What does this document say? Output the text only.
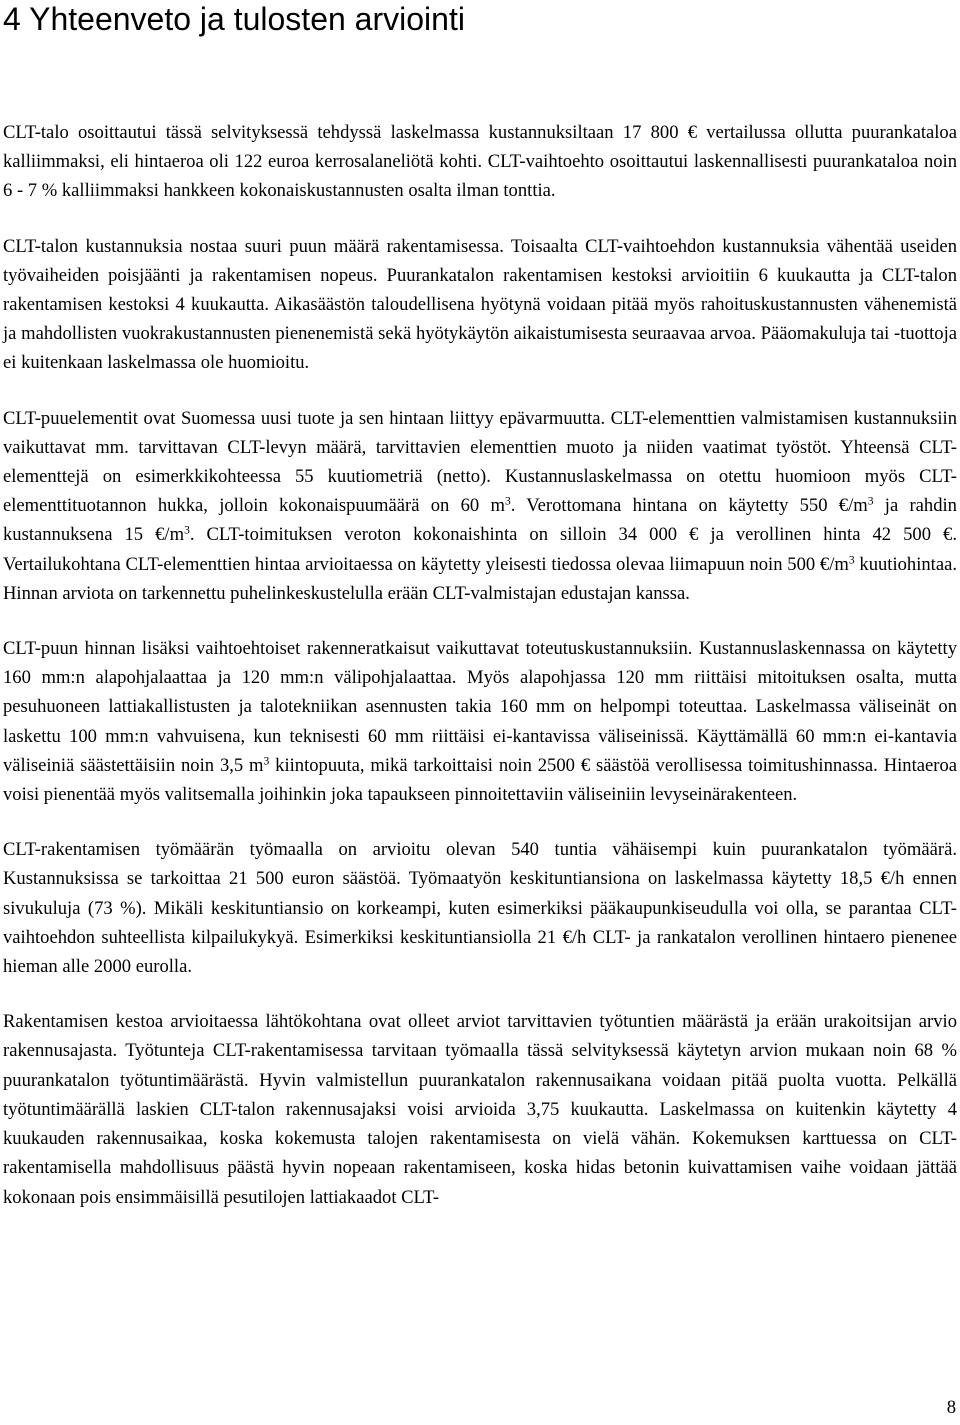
4 Yhteenveto ja tulosten arviointi

CLT-talo osoittautui tässä selvityksessä tehdyssä laskelmassa kustannuksiltaan 17 800 € vertailussa ollutta puurankataloa kalliimmaksi, eli hintaeroa oli 122 euroa kerrosalaneliötä kohti. CLT-vaihtoehto osoittautui laskennallisesti puurankataloa noin 6 - 7 % kalliimmaksi hankkeen kokonaiskustannusten osalta ilman tonttia.

CLT-talon kustannuksia nostaa suuri puun määrä rakentamisessa. Toisaalta CLT-vaihtoehdon kustannuksia vähentää useiden työvaiheiden poisjäänti ja rakentamisen nopeus. Puurankatalon rakentamisen kestoksi arvioitiin 6 kuukautta ja CLT-talon rakentamisen kestoksi 4 kuukautta. Aikasäästön taloudellisena hyötynä voidaan pitää myös rahoituskustannusten vähenemistä ja mahdollisten vuokrakustannusten pienenemistä sekä hyötykäytön aikaistumisesta seuraavaa arvoa. Pääomakuluja tai -tuottoja ei kuitenkaan laskelmassa ole huomioitu.

CLT-puuelementit ovat Suomessa uusi tuote ja sen hintaan liittyy epävarmuutta. CLT-elementtien valmistamisen kustannuksiin vaikuttavat mm. tarvittavan CLT-levyn määrä, tarvittavien elementtien muoto ja niiden vaatimat työstöt. Yhteensä CLT-elementtejä on esimerkkikohteessa 55 kuutiometriä (netto). Kustannuslaskelmassa on otettu huomioon myös CLT-elementtituotannon hukka, jolloin kokonaispuumäärä on 60 $m^3$. Verottomana hintana on käytetty 550 $€/m^3$ ja rahdin kustannuksena 15 $€/m^3$. CLT-toimituksen veroton kokonaishinta on silloin 34 000 € ja verollinen hinta 42 500 €. Vertailukohtana CLT-elementtien hintaa arvioitaessa on käytetty yleisesti tiedossa olevaa liimapuun noin 500 $€/m^3$ kuutiohintaa. Hinnan arviota on tarkennettu puhelinkeskustelulla erään CLT-valmistajan edustajan kanssa.

CLT-puun hinnan lisäksi vaihtoehtoiset rakenneratkaisut vaikuttavat toteutuskustannuksiin. Kustannuslaskennassa on käytetty 160 mm:n alapohjalaattaa ja 120 mm:n välipohjalaattaa. Myös alapohjassa 120 mm riittäisi mitoituksen osalta, mutta pesuhuoneen lattiakallistusten ja talotekniikan asennusten takia 160 mm on helpompi toteuttaa. Laskelmassa väliseinät on laskettu 100 mm:n vahvuisena, kun teknisesti 60 mm riittäisi ei-kantavissa väliseinissä. Käyttämällä 60 mm:n ei-kantavia väliseiniä säästettäisiin noin 3,5 $m^3$ kiintopuuta, mikä tarkoittaisi noin 2500 € säästöä verollisessa toimitushinnassa. Hintaeroa voisi pienentää myös valitsemalla joihinkin joka tapaukseen pinnoitettaviin väliseiniin levyseinärakenteen.

CLT-rakentamisen työmäärän työmaalla on arvioitu olevan 540 tuntia vähäisempi kuin puurankatalon työmäärä. Kustannuksissa se tarkoittaa 21 500 euron säästöä. Työmaatyön keskituntiansiona on laskelmassa käytetty 18,5 €/h ennen sivukuluja (73 %). Mikäli keskituntiansio on korkeampi, kuten esimerkiksi pääkaupunkiseudulla voi olla, se parantaa CLT-vaihtoehdon suhteellista kilpailukykyä. Esimerkiksi keskituntiansiolla 21 €/h CLT- ja rankatalon verollinen hintaero pienenee hieman alle 2000 eurolla.

Rakentamisen kestoa arvioitaessa lähtökohtana ovat olleet arviot tarvittavien työtuntien määrästä ja erään urakoitsijan arvio rakennusajasta. Työtunteja CLT-rakentamisessa tarvitaan työmaalla tässä selvityksessä käytetyn arvion mukaan noin 68 % puurankatalon työtuntimäärästä. Hyvin valmistellun puurankatalon rakennusaikana voidaan pitää puolta vuotta. Pelkällä työtuntimäärällä laskien CLT-talon rakennusajaksi voisi arvioida 3,75 kuukautta. Laskelmassa on kuitenkin käytetty 4 kuukauden rakennusaikaa, koska kokemusta talojen rakentamisesta on vielä vähän. Kokemuksen karttuessa on CLT-rakentamisella mahdollisuus päästä hyvin nopeaan rakentamiseen, koska hidas betonin kuivattamisen vaihe voidaan jättää kokonaan pois ensimmäisillä pesutilojen lattiakaadot CLT-

8
